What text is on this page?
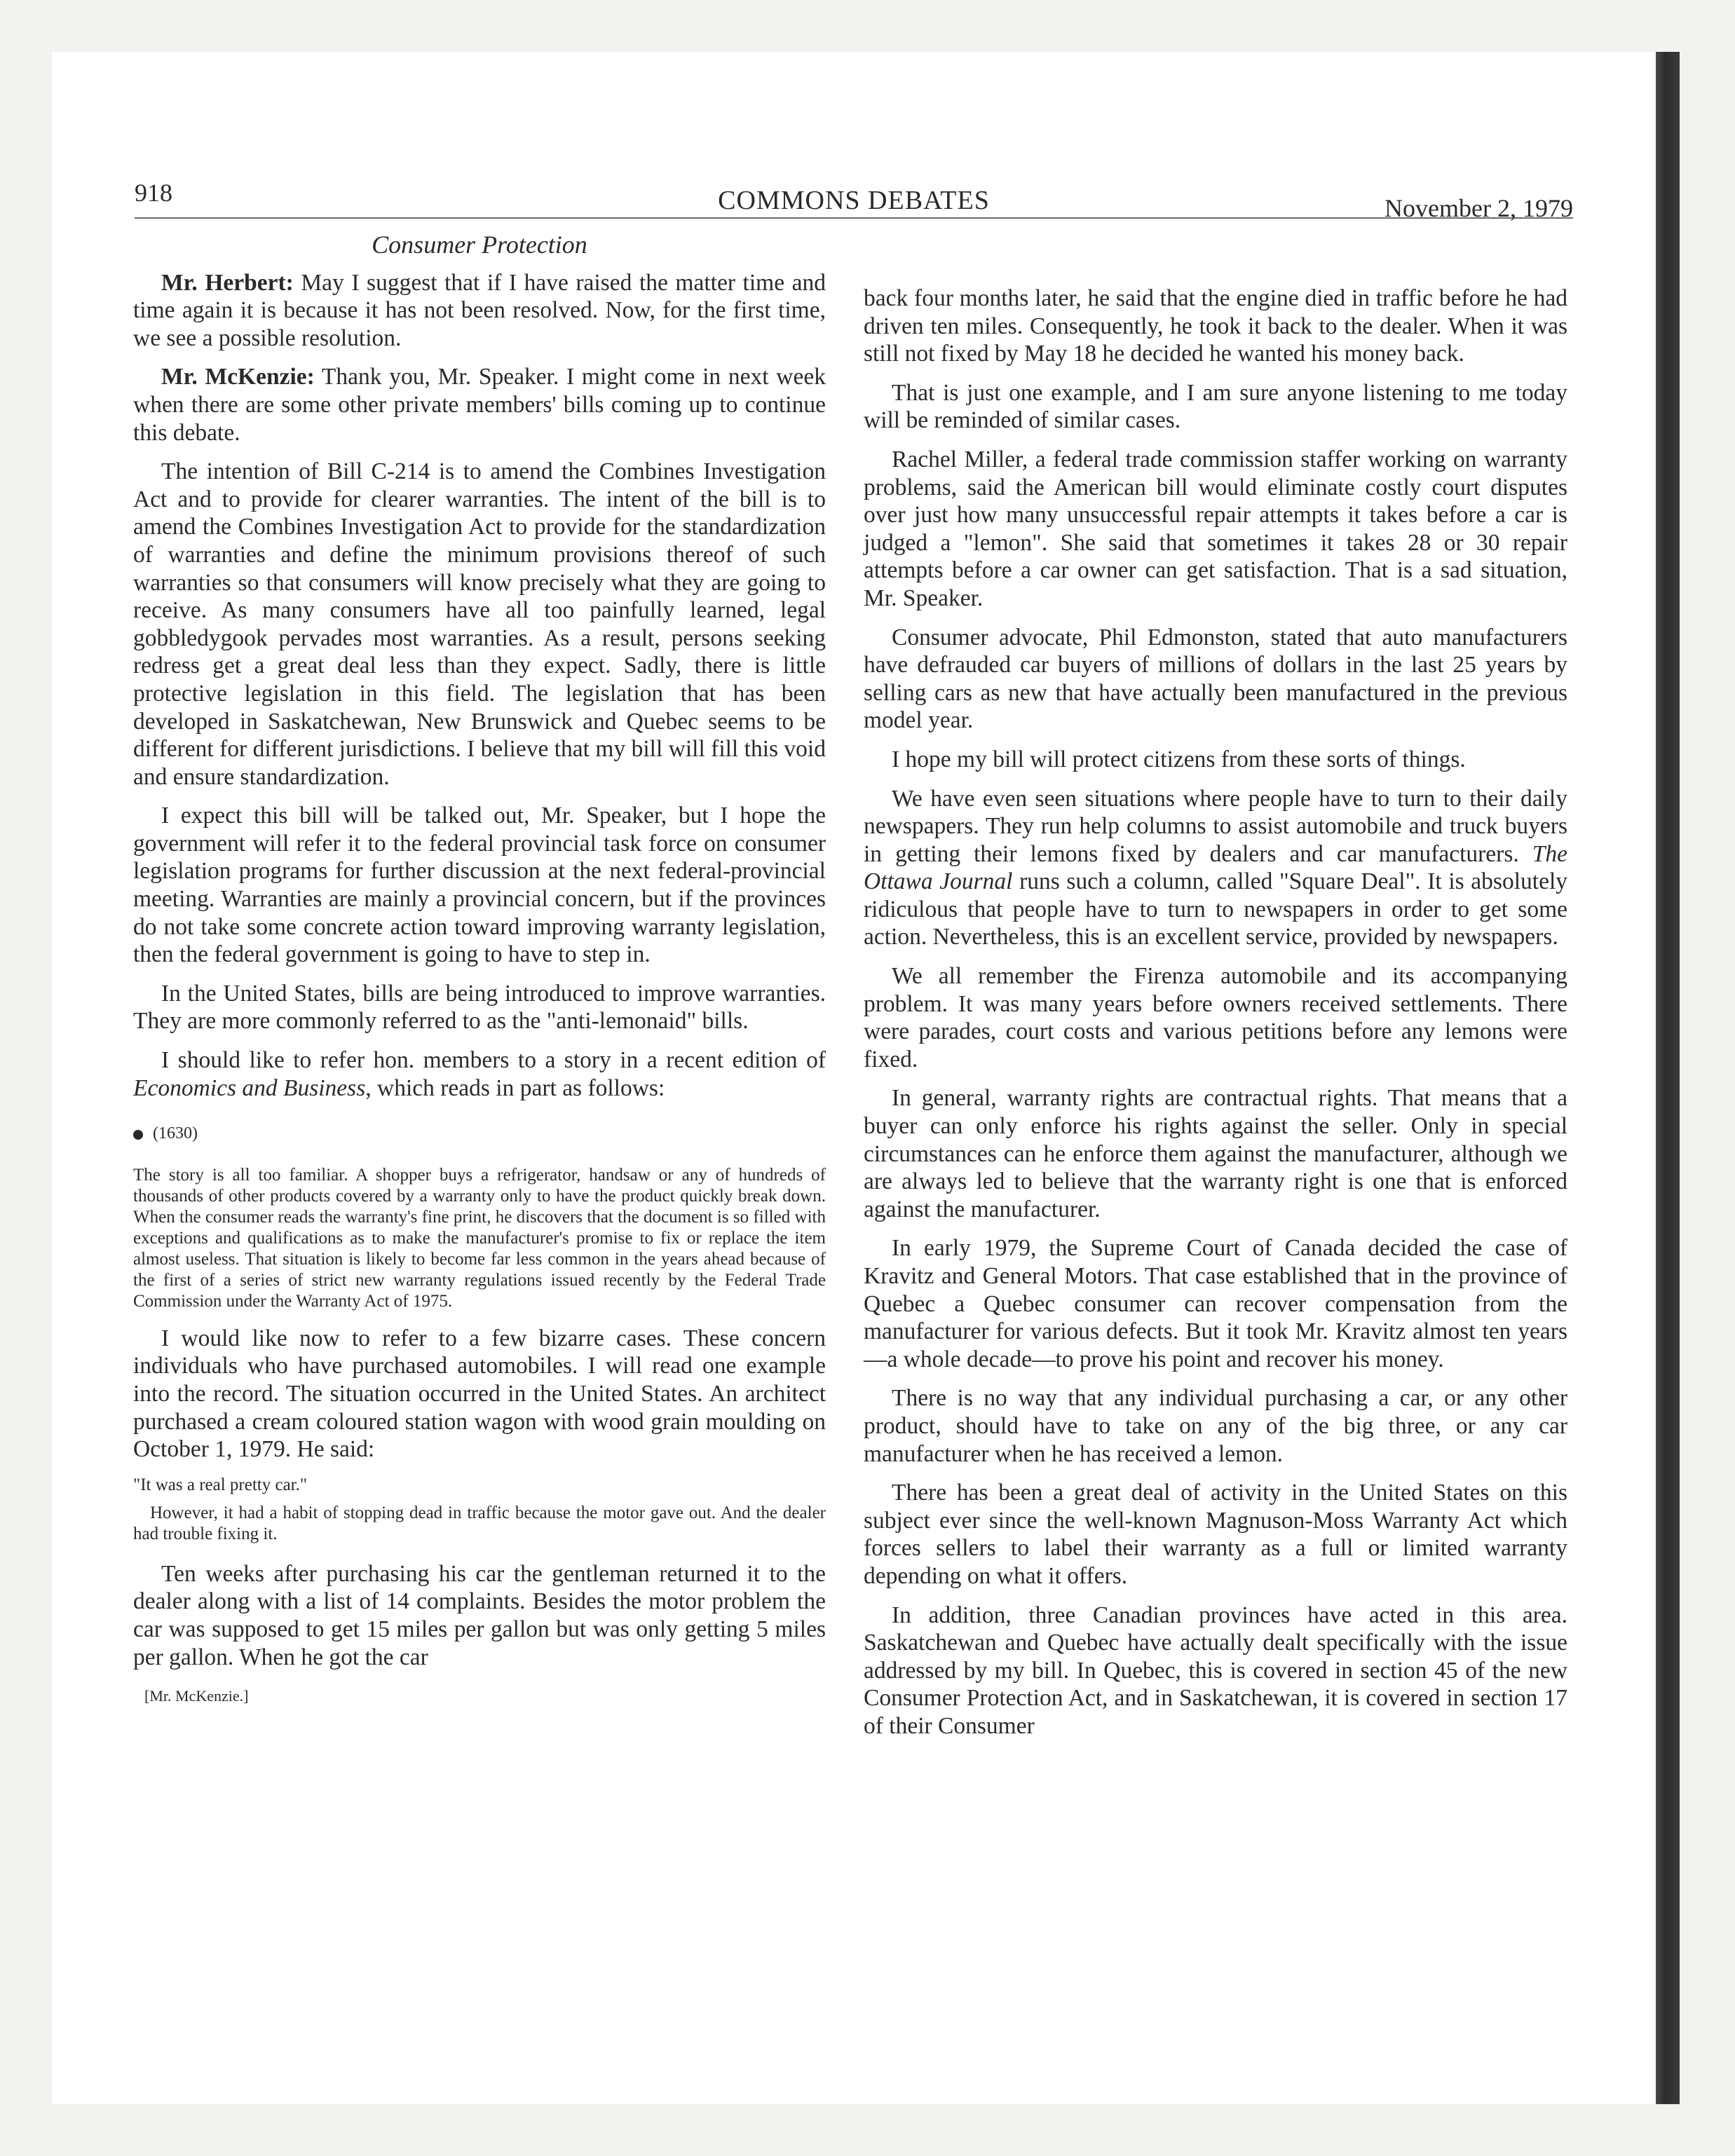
918	COMMONS DEBATES	November 2, 1979
Consumer Protection

Mr. Herbert: May I suggest that if I have raised the matter time and time again it is because it has not been resolved. Now, for the first time, we see a possible resolution.

Mr. McKenzie: Thank you, Mr. Speaker. I might come in next week when there are some other private members' bills coming up to continue this debate.

The intention of Bill C-214 is to amend the Combines Investigation Act and to provide for clearer warranties. The intent of the bill is to amend the Combines Investigation Act to provide for the standardization of warranties and define the minimum provisions thereof of such warranties so that consumers will know precisely what they are going to receive. As many consumers have all too painfully learned, legal gobbledygook pervades most warranties. As a result, persons seeking redress get a great deal less than they expect. Sadly, there is little protective legislation in this field. The legislation that has been developed in Saskatchewan, New Brunswick and Quebec seems to be different for different jurisdictions. I believe that my bill will fill this void and ensure standardization.

I expect this bill will be talked out, Mr. Speaker, but I hope the government will refer it to the federal provincial task force on consumer legislation programs for further discussion at the next federal-provincial meeting. Warranties are mainly a provincial concern, but if the provinces do not take some concrete action toward improving warranty legislation, then the federal government is going to have to step in.

In the United States, bills are being introduced to improve warranties. They are more commonly referred to as the "anti-lemonaid" bills.

I should like to refer hon. members to a story in a recent edition of Economics and Business, which reads in part as follows:

(1630)
The story is all too familiar. A shopper buys a refrigerator, handsaw or any of hundreds of thousands of other products covered by a warranty only to have the product quickly break down. When the consumer reads the warranty's fine print, he discovers that the document is so filled with exceptions and qualifications as to make the manufacturer's promise to fix or replace the item almost useless. That situation is likely to become far less common in the years ahead because of the first of a series of strict new warranty regulations issued recently by the Federal Trade Commission under the Warranty Act of 1975.

I would like now to refer to a few bizarre cases. These concern individuals who have purchased automobiles. I will read one example into the record. The situation occurred in the United States. An architect purchased a cream coloured station wagon with wood grain moulding on October 1, 1979. He said:

"It was a real pretty car."
However, it had a habit of stopping dead in traffic because the motor gave out. And the dealer had trouble fixing it.

Ten weeks after purchasing his car the gentleman returned it to the dealer along with a list of 14 complaints. Besides the motor problem the car was supposed to get 15 miles per gallon but was only getting 5 miles per gallon. When he got the car

[Mr. McKenzie.]

back four months later, he said that the engine died in traffic before he had driven ten miles. Consequently, he took it back to the dealer. When it was still not fixed by May 18 he decided he wanted his money back.

That is just one example, and I am sure anyone listening to me today will be reminded of similar cases.

Rachel Miller, a federal trade commission staffer working on warranty problems, said the American bill would eliminate costly court disputes over just how many unsuccessful repair attempts it takes before a car is judged a "lemon". She said that sometimes it takes 28 or 30 repair attempts before a car owner can get satisfaction. That is a sad situation, Mr. Speaker.

Consumer advocate, Phil Edmonston, stated that auto manufacturers have defrauded car buyers of millions of dollars in the last 25 years by selling cars as new that have actually been manufactured in the previous model year.

I hope my bill will protect citizens from these sorts of things.

We have even seen situations where people have to turn to their daily newspapers. They run help columns to assist automobile and truck buyers in getting their lemons fixed by dealers and car manufacturers. The Ottawa Journal runs such a column, called "Square Deal". It is absolutely ridiculous that people have to turn to newspapers in order to get some action. Nevertheless, this is an excellent service, provided by newspapers.

We all remember the Firenza automobile and its accompanying problem. It was many years before owners received settlements. There were parades, court costs and various petitions before any lemons were fixed.

In general, warranty rights are contractual rights. That means that a buyer can only enforce his rights against the seller. Only in special circumstances can he enforce them against the manufacturer, although we are always led to believe that the warranty right is one that is enforced against the manufacturer.

In early 1979, the Supreme Court of Canada decided the case of Kravitz and General Motors. That case established that in the province of Quebec a Quebec consumer can recover compensation from the manufacturer for various defects. But it took Mr. Kravitz almost ten years—a whole decade—to prove his point and recover his money.

There is no way that any individual purchasing a car, or any other product, should have to take on any of the big three, or any car manufacturer when he has received a lemon.

There has been a great deal of activity in the United States on this subject ever since the well-known Magnuson-Moss Warranty Act which forces sellers to label their warranty as a full or limited warranty depending on what it offers.

In addition, three Canadian provinces have acted in this area. Saskatchewan and Quebec have actually dealt specifically with the issue addressed by my bill. In Quebec, this is covered in section 45 of the new Consumer Protection Act, and in Saskatchewan, it is covered in section 17 of their Consumer
